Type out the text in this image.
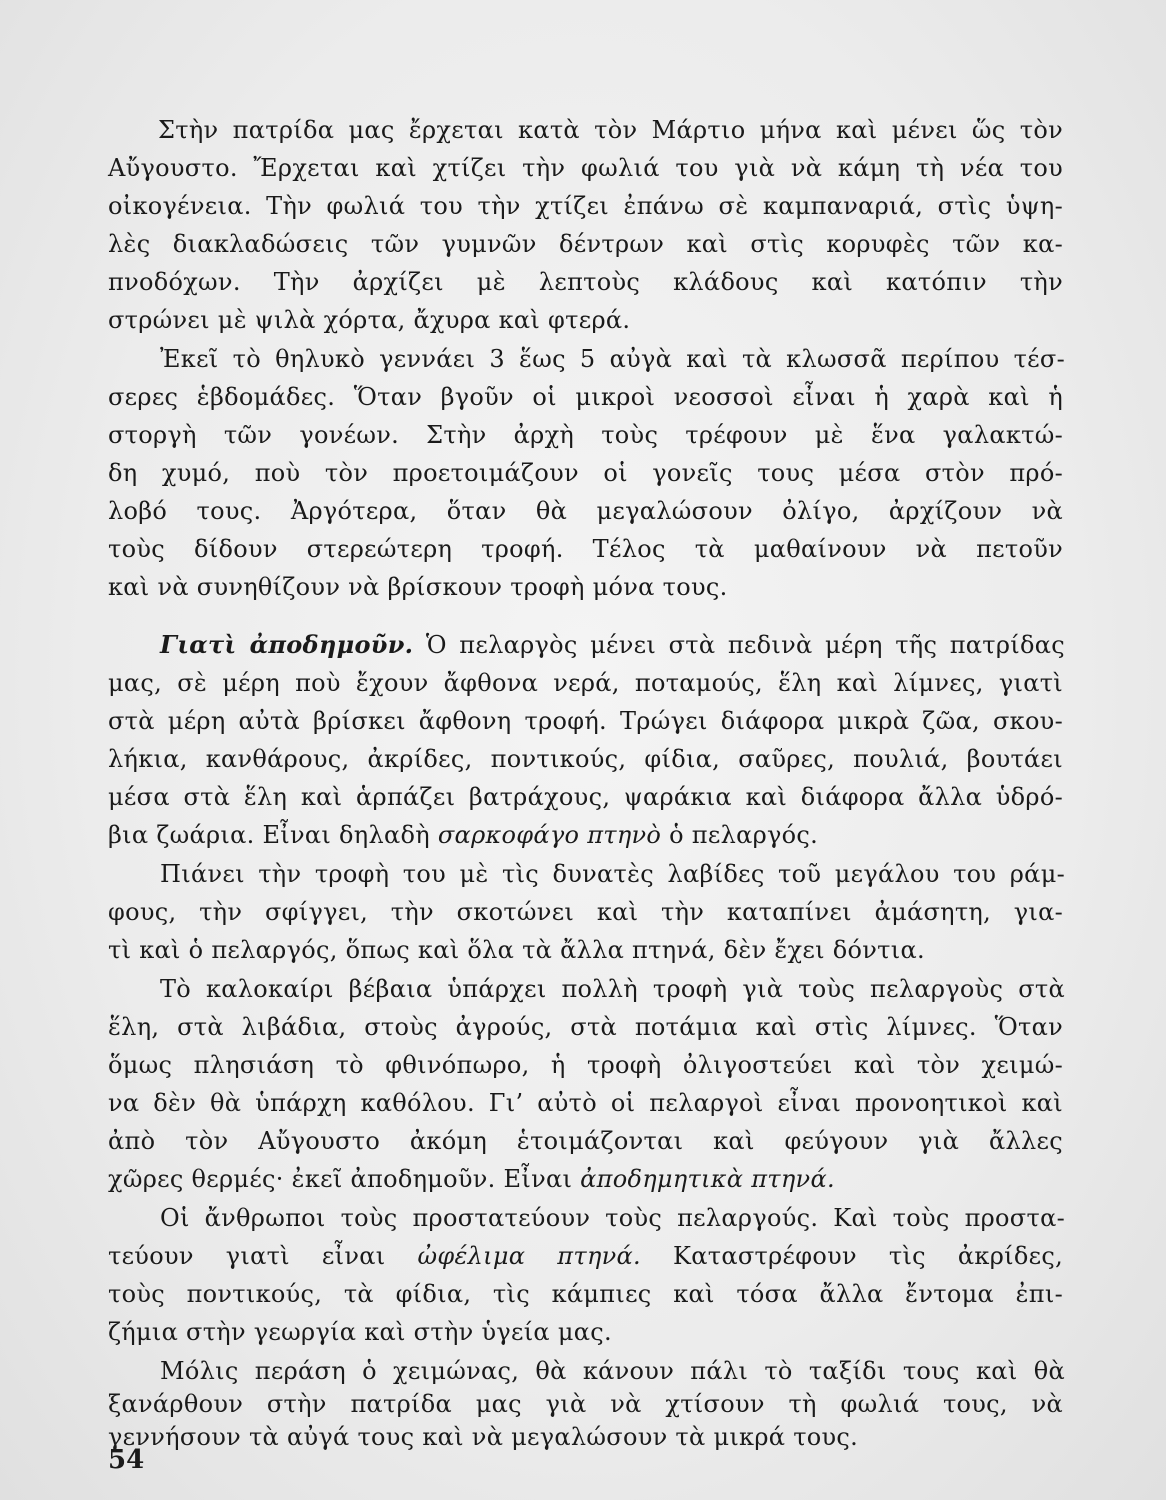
Στὴν πατρίδα μας ἔρχεται κατὰ τὸν Μάρτιο μήνα καὶ μένει ὥς τὸν
Αὔγουστο. Ἔρχεται καὶ χτίζει τὴν φωλιά του γιὰ νὰ κάμη τὴ νέα του
οἰκογένεια. Τὴν φωλιά του τὴν χτίζει ἐπάνω σὲ καμπαναριά, στὶς ὑψη-
λὲς διακλαδώσεις τῶν γυμνῶν δέντρων καὶ στὶς κορυφὲς τῶν κα-
πνοδόχων. Τὴν ἀρχίζει μὲ λεπτοὺς κλάδους καὶ κατόπιν τὴν
στρώνει μὲ ψιλὰ χόρτα, ἄχυρα καὶ φτερά.
Ἐκεῖ τὸ θηλυκὸ γεννάει 3 ἕως 5 αὐγὰ καὶ τὰ κλωσσᾶ περίπου τέσ-
σερες ἑβδομάδες. Ὅταν βγοῦν οἱ μικροὶ νεοσσοὶ εἶναι ἡ χαρὰ καὶ ἡ
στοργὴ τῶν γονέων. Στὴν ἀρχὴ τοὺς τρέφουν μὲ ἕνα γαλακτώ-
δη χυμό, ποὺ τὸν προετοιμάζουν οἱ γονεῖς τους μέσα στὸν πρό-
λοβό τους. Ἀργότερα, ὅταν θὰ μεγαλώσουν ὀλίγο, ἀρχίζουν νὰ
τοὺς δίδουν στερεώτερη τροφή. Τέλος τὰ μαθαίνουν νὰ πετοῦν
καὶ νὰ συνηθίζουν νὰ βρίσκουν τροφὴ μόνα τους.
Γιατὶ ἀποδημοῦν. Ὁ πελαργὸς μένει στὰ πεδινὰ μέρη τῆς πατρίδας
μας, σὲ μέρη ποὺ ἔχουν ἄφθονα νερά, ποταμούς, ἕλη καὶ λίμνες, γιατὶ
στὰ μέρη αὐτὰ βρίσκει ἄφθονη τροφή. Τρώγει διάφορα μικρὰ ζῶα, σκου-
λήκια, κανθάρους, ἀκρίδες, ποντικούς, φίδια, σαῦρες, πουλιά, βουτάει
μέσα στὰ ἕλη καὶ ἁρπάζει βατράχους, ψαράκια καὶ διάφορα ἄλλα ὑδρό-
βια ζωάρια. Εἶναι δηλαδὴ σαρκοφάγο πτηνὸ ὁ πελαργός.
Πιάνει τὴν τροφὴ του μὲ τὶς δυνατὲς λαβίδες τοῦ μεγάλου του ράμ-
φους, τὴν σφίγγει, τὴν σκοτώνει καὶ τὴν καταπίνει ἀμάσητη, για-
τὶ καὶ ὁ πελαργός, ὅπως καὶ ὅλα τὰ ἄλλα πτηνά, δὲν ἔχει δόντια.
Τὸ καλοκαίρι βέβαια ὑπάρχει πολλὴ τροφὴ γιὰ τοὺς πελαργοὺς στὰ
ἕλη, στὰ λιβάδια, στοὺς ἀγρούς, στὰ ποτάμια καὶ στὶς λίμνες. Ὅταν
ὅμως πλησιάση τὸ φθινόπωρο, ἡ τροφὴ ὀλιγοστεύει καὶ τὸν χειμώ-
να δὲν θὰ ὑπάρχη καθόλου. Γι’ αὐτὸ οἱ πελαργοὶ εἶναι προνοητικοὶ καὶ
ἀπὸ τὸν Αὔγουστο ἀκόμη ἑτοιμάζονται καὶ φεύγουν γιὰ ἄλλες
χῶρες θερμές· ἐκεῖ ἀποδημοῦν. Εἶναι ἀποδημητικὰ πτηνά.
Οἱ ἄνθρωποι τοὺς προστατεύουν τοὺς πελαργούς. Καὶ τοὺς προστα-
τεύουν γιατὶ εἶναι ὠφέλιμα πτηνά. Καταστρέφουν τὶς ἀκρίδες,
τοὺς ποντικούς, τὰ φίδια, τὶς κάμπιες καὶ τόσα ἄλλα ἔντομα ἐπι-
ζήμια στὴν γεωργία καὶ στὴν ὑγεία μας.
54
Μόλις περάση ὁ χειμώνας, θὰ κάνουν πάλι τὸ ταξίδι τους καὶ θὰ
ξανάρθουν στὴν πατρίδα μας γιὰ νὰ χτίσουν τὴ φωλιά τους, νὰ
γεννήσουν τὰ αὐγά τους καὶ νὰ μεγαλώσουν τὰ μικρά τους.
